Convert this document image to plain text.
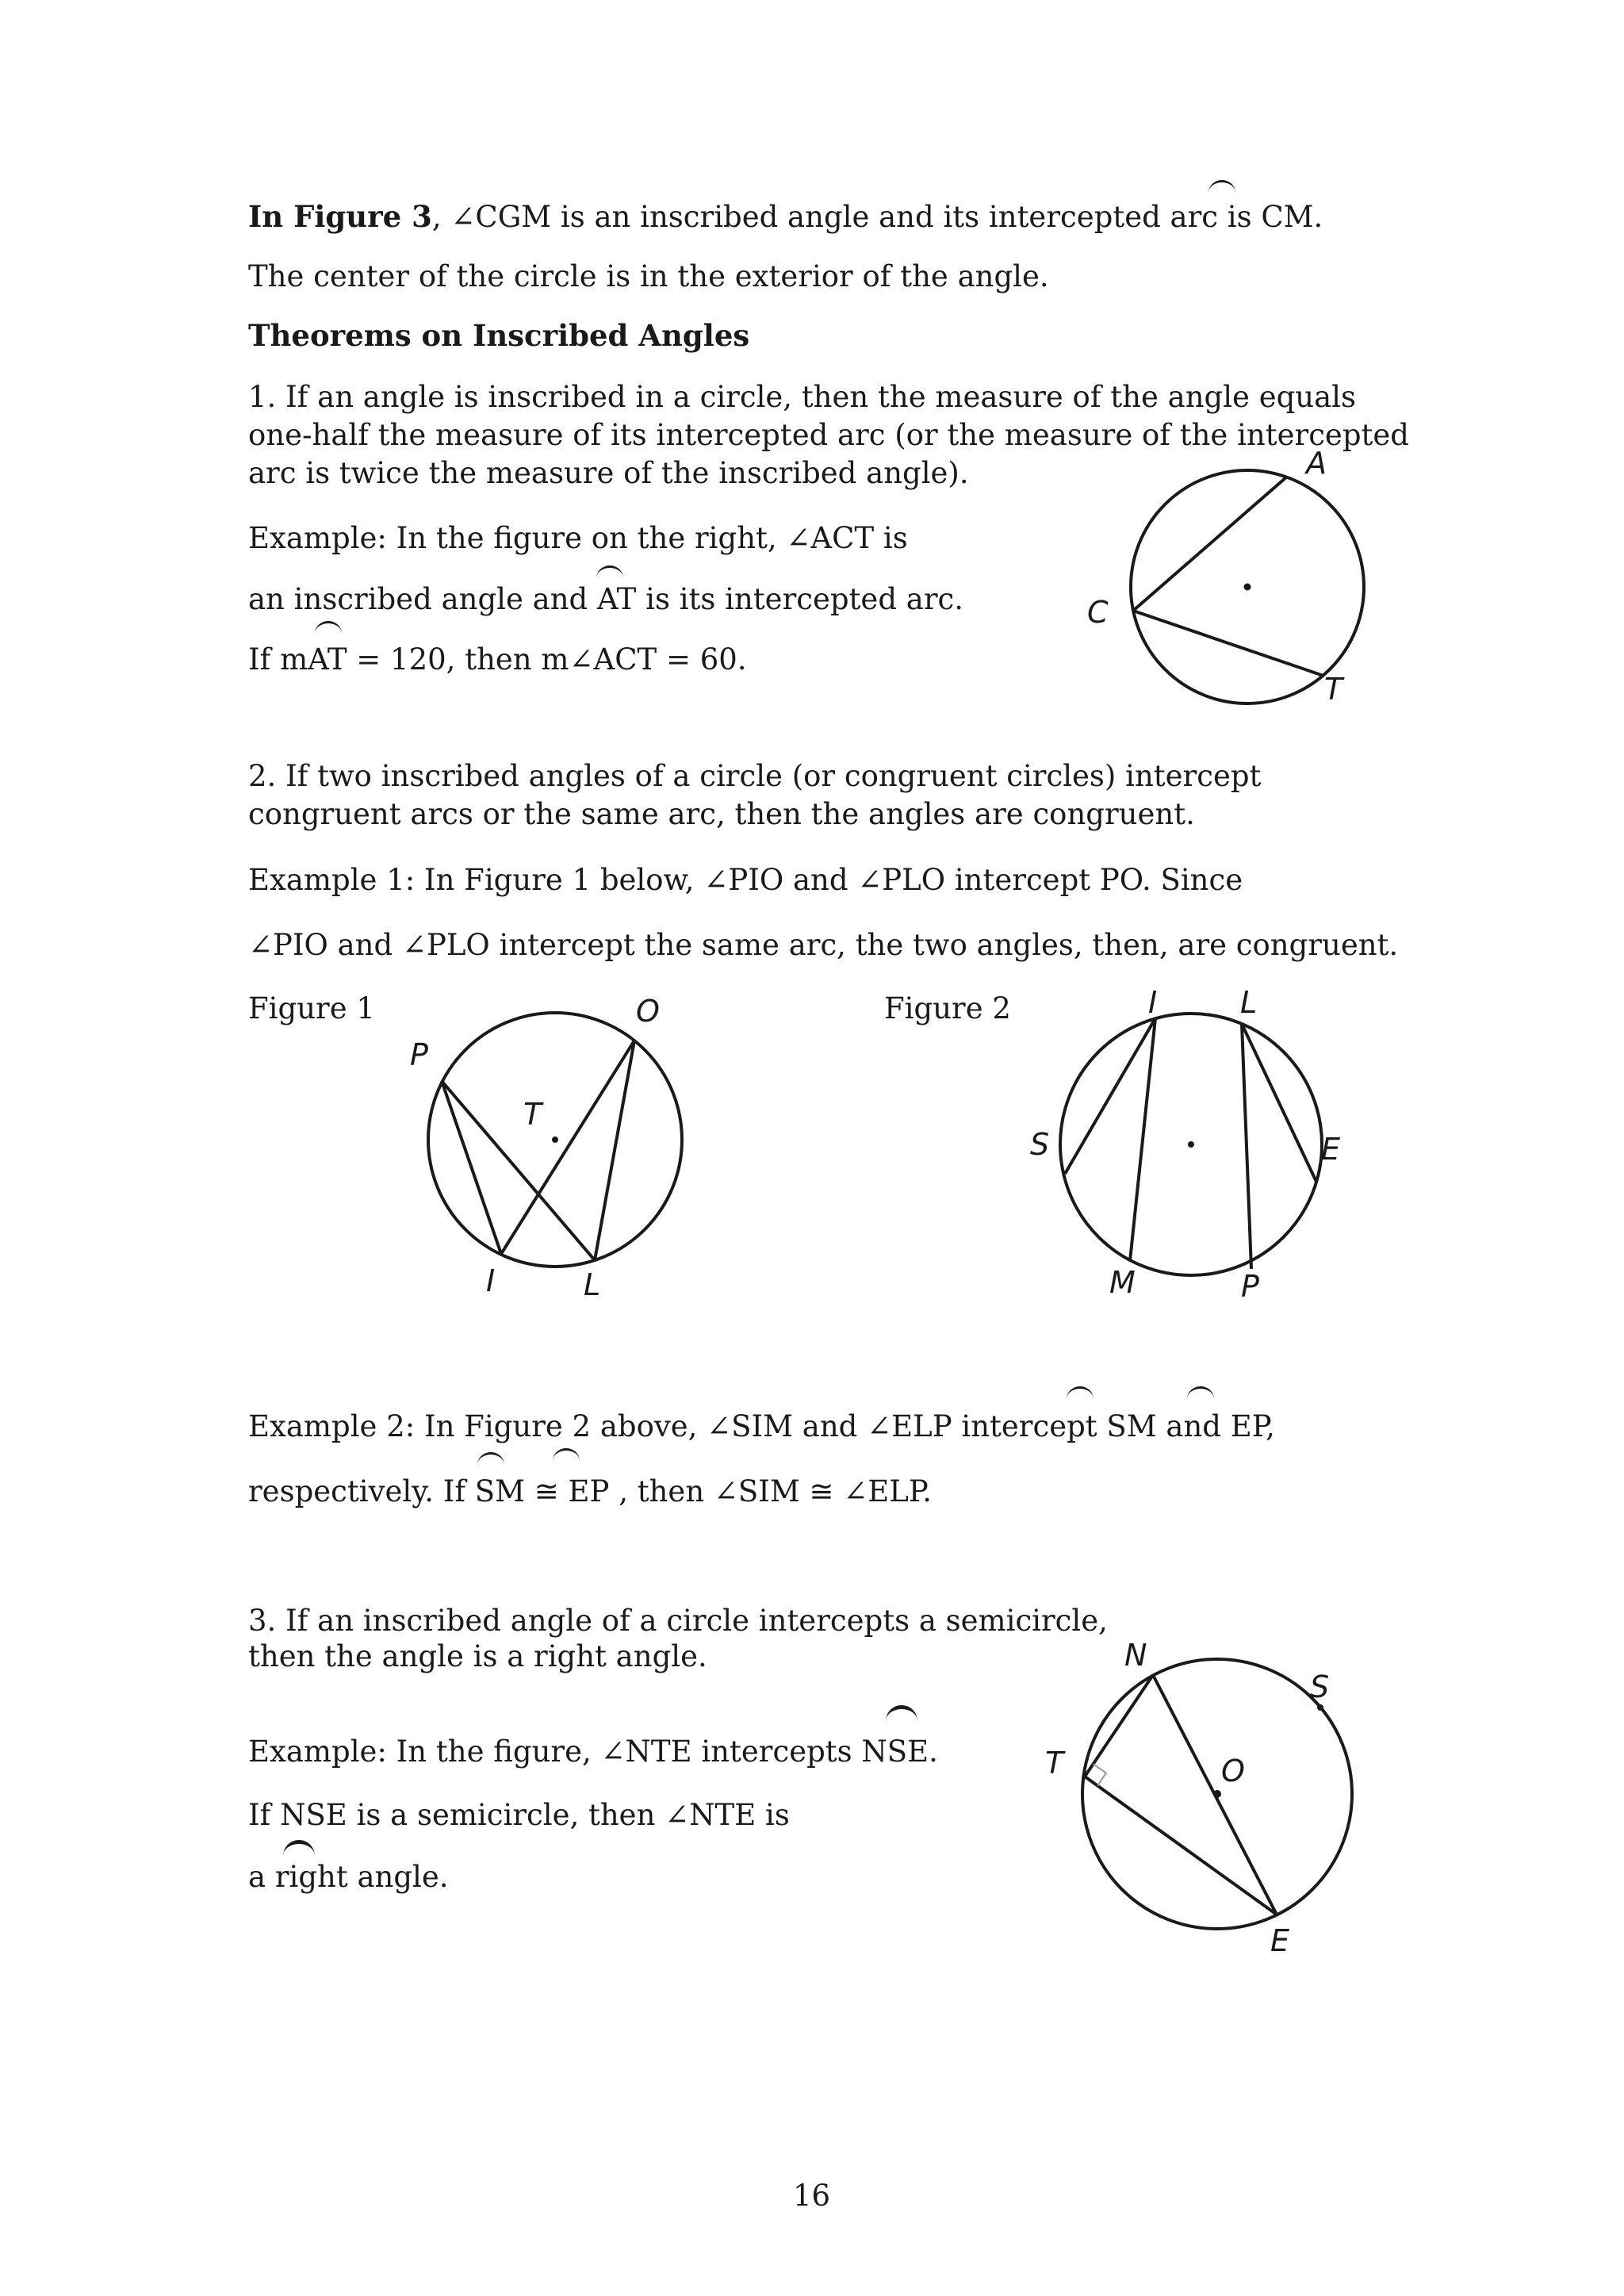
In Figure 3, ∠CGM is an inscribed angle and its intercepted arc is CM.

The center of the circle is in the exterior of the angle.

Theorems on Inscribed Angles

1. If an angle is inscribed in a circle, then the measure of the angle equals

one-half the measure of its intercepted arc (or the measure of the intercepted

arc is twice the measure of the inscribed angle).

Example: In the figure on the right, ∠ACT is

an inscribed angle and AT is its intercepted arc.

If mAT = 120, then m∠ACT = 60.

A
C
T

2. If two inscribed angles of a circle (or congruent circles) intercept

congruent arcs or the same arc, then the angles are congruent.

Example 1: In Figure 1 below, ∠PIO and ∠PLO intercept PO. Since

∠PIO and ∠PLO intercept the same arc, the two angles, then, are congruent.

Figure 1	Figure 2

P
O
T
I	L
I	L
S	E
M	P

Example 2: In Figure 2 above, ∠SIM and ∠ELP intercept SM and EP,

respectively. If SM ≅ EP , then ∠SIM ≅ ∠ELP.

3. If an inscribed angle of a circle intercepts a semicircle,

then the angle is a right angle.

Example: In the figure, ∠NTE intercepts NSE.

If NSE is a semicircle, then ∠NTE is

a right angle.

N
S
T	O
E

16
